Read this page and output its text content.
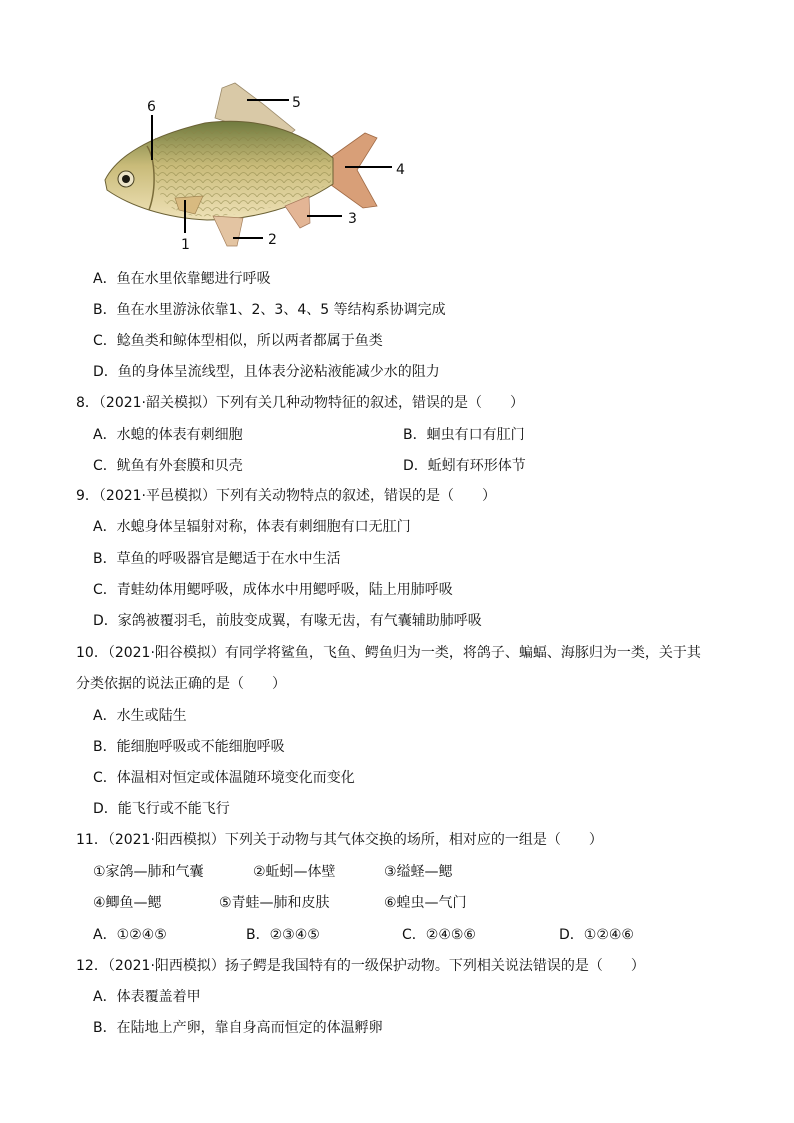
6
1	2
3
4
5
A．鱼在水里依靠鳃进行呼吸
B．鱼在水里游泳依靠1、2、3、4、5 等结构系协调完成
C．鲶鱼类和鲸体型相似，所以两者都属于鱼类
D．鱼的身体呈流线型，且体表分泌粘液能减少水的阻力
8．（2021·韶关模拟）下列有关几种动物特征的叙述，错误的是（　　）
A．水螅的体表有刺细胞	B．蛔虫有口有肛门
C．鱿鱼有外套膜和贝壳	D．蚯蚓有环形体节
9．（2021·平邑模拟）下列有关动物特点的叙述，错误的是（　　）
A．水螅身体呈辐射对称，体表有刺细胞有口无肛门
B．草鱼的呼吸器官是鳃适于在水中生活
C．青蛙幼体用鳃呼吸，成体水中用鳃呼吸，陆上用肺呼吸
D．家鸽被覆羽毛，前肢变成翼，有喙无齿，有气囊辅助肺呼吸
10．（2021·阳谷模拟）有同学将鲨鱼，飞鱼、鳄鱼归为一类，将鸽子、蝙蝠、海豚归为一类，关于其
分类依据的说法正确的是（　　）
A．水生或陆生
B．能细胞呼吸或不能细胞呼吸
C．体温相对恒定或体温随环境变化而变化
D．能飞行或不能飞行
11．（2021·阳西模拟）下列关于动物与其气体交换的场所，相对应的一组是（　　）
①家鸽—肺和气囊	②蚯蚓—体壁	③缢蛏—鳃
④鲫鱼—鳃	⑤青蛙—肺和皮肤	⑥蝗虫—气门
A．①②④⑤	B．②③④⑤	C．②④⑤⑥	D．①②④⑥
12．（2021·阳西模拟）扬子鳄是我国特有的一级保护动物。下列相关说法错误的是（　　）
A．体表覆盖着甲
B．在陆地上产卵，靠自身高而恒定的体温孵卵
